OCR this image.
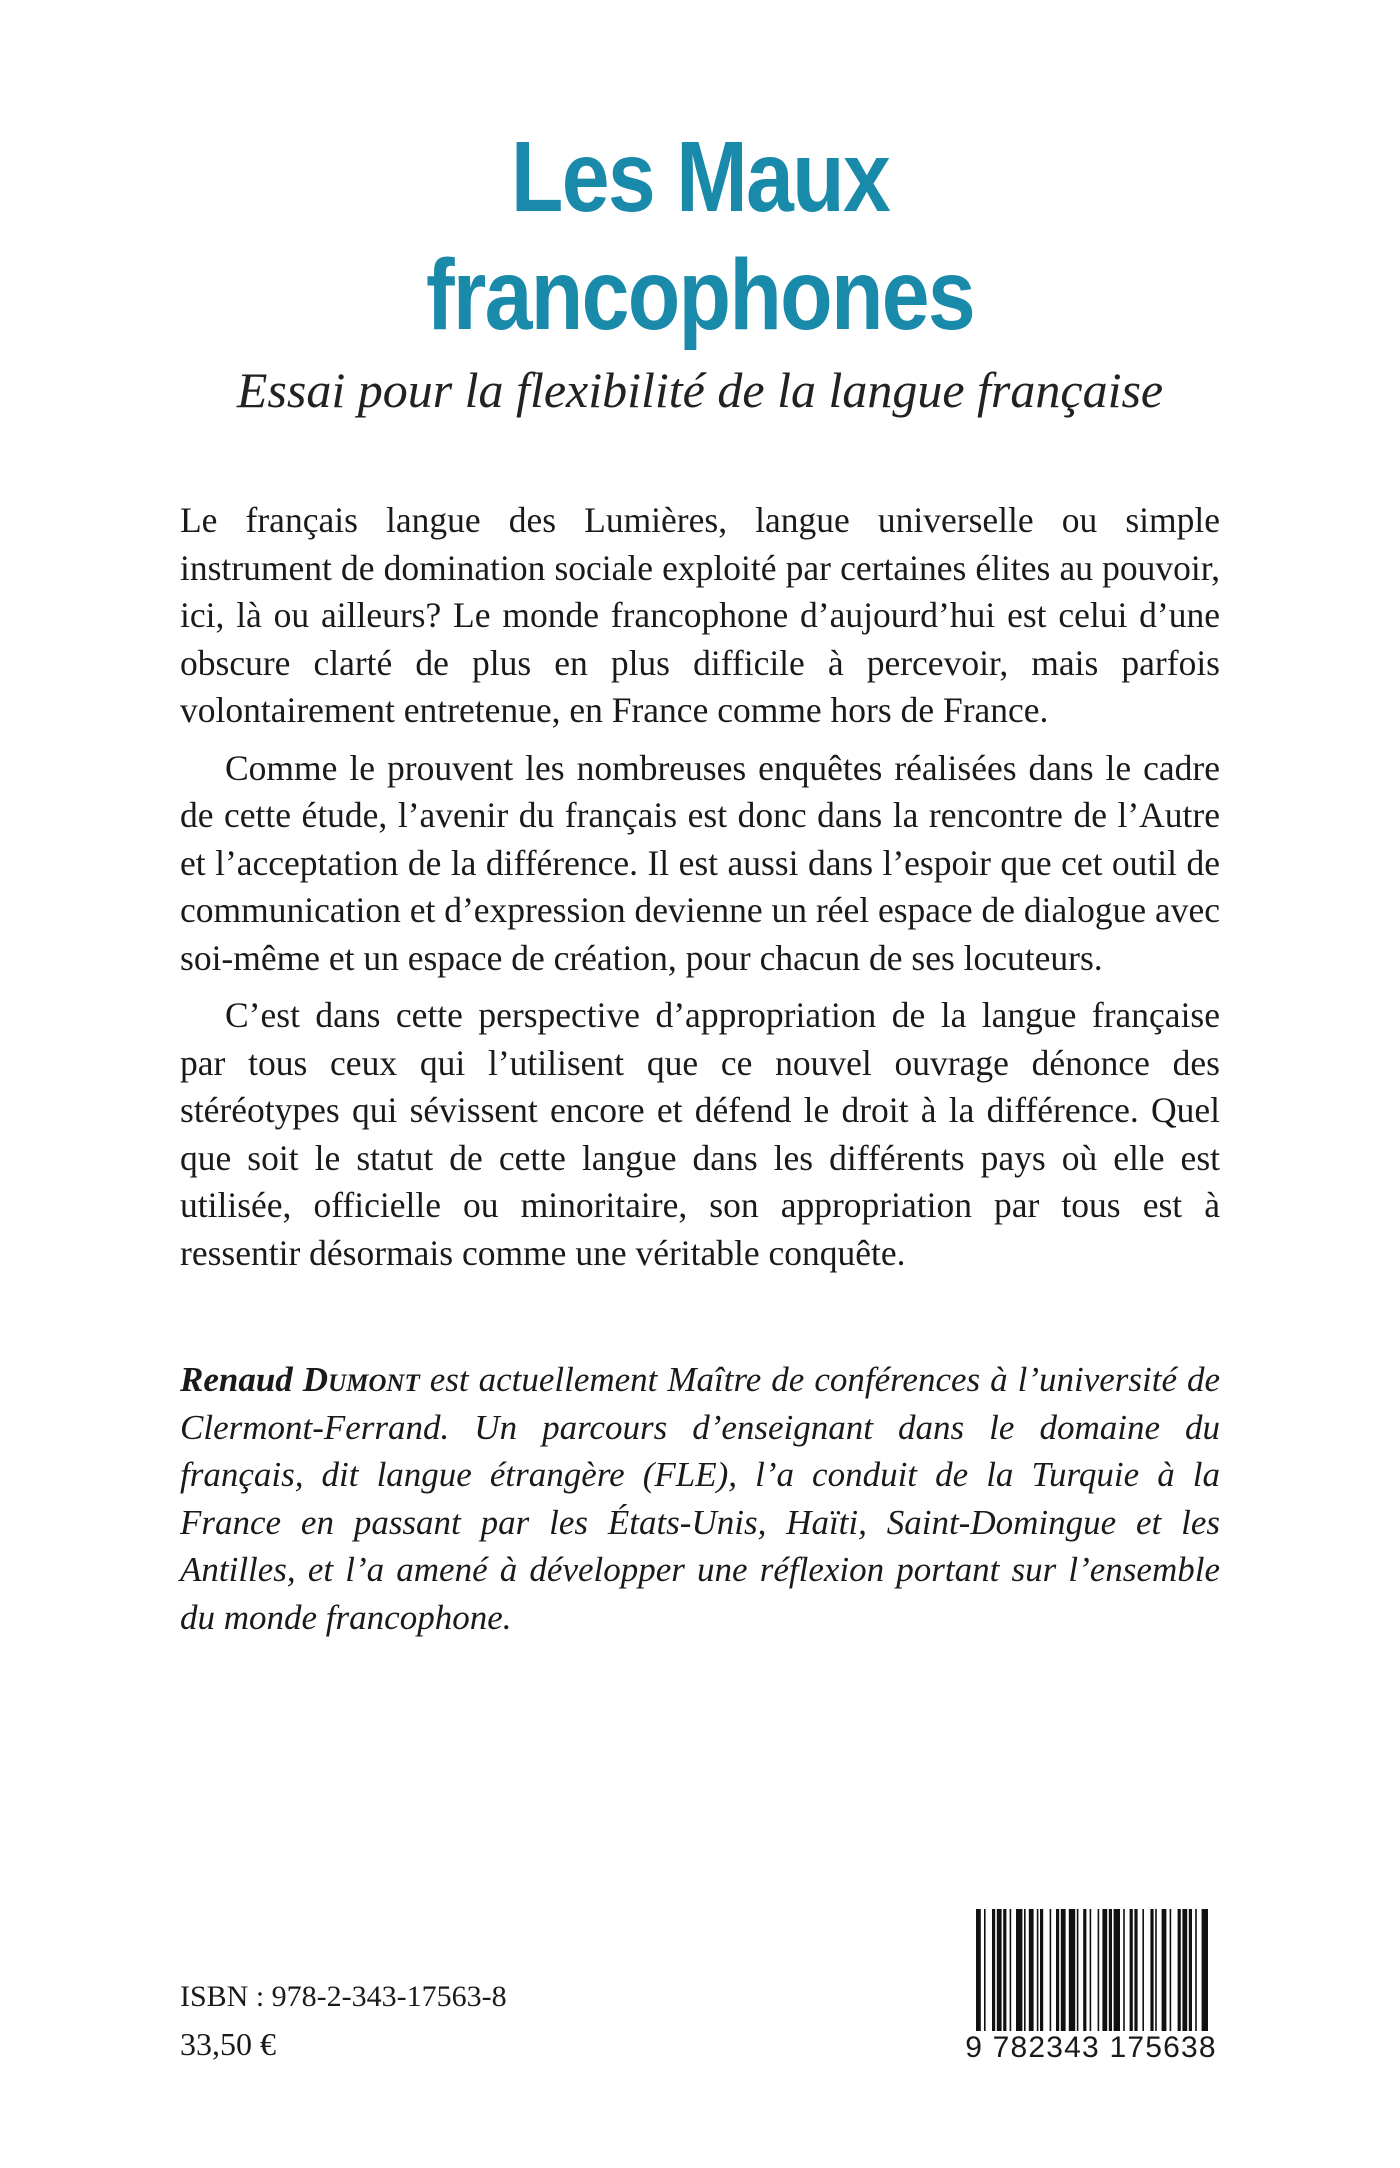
Les Maux
francophones
Essai pour la flexibilité de la langue française

Le français langue des Lumières, langue universelle ou simple instrument de domination sociale exploité par certaines élites au pouvoir, ici, là ou ailleurs? Le monde francophone d’aujourd’hui est celui d’une obscure clarté de plus en plus difficile à percevoir, mais parfois volontairement entretenue, en France comme hors de France.

Comme le prouvent les nombreuses enquêtes réalisées dans le cadre de cette étude, l’avenir du français est donc dans la rencontre de l’Autre et l’acceptation de la différence. Il est aussi dans l’espoir que cet outil de communication et d’expression devienne un réel espace de dialogue avec soi-même et un espace de création, pour chacun de ses locuteurs.

C’est dans cette perspective d’appropriation de la langue française par tous ceux qui l’utilisent que ce nouvel ouvrage dénonce des stéréotypes qui sévissent encore et défend le droit à la différence. Quel que soit le statut de cette langue dans les différents pays où elle est utilisée, officielle ou minoritaire, son appropriation par tous est à ressentir désormais comme une véritable conquête.

Renaud Dumont est actuellement Maître de conférences à l’université de Clermont-Ferrand. Un parcours d’enseignant dans le domaine du français, dit langue étrangère (FLE), l’a conduit de la Turquie à la France en passant par les États-Unis, Haïti, Saint-Domingue et les Antilles, et l’a amené à développer une réflexion portant sur l’ensemble du monde francophone.
ISBN : 978-2-343-17563-8
33,50 €	9 782343 175638
